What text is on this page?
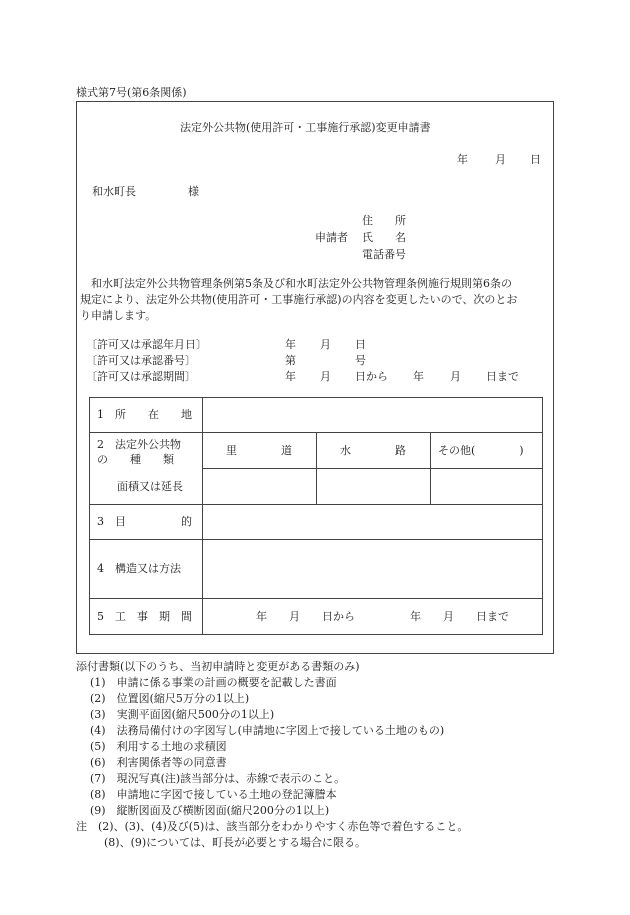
様式第7号(第6条関係)
法定外公共物(使用許可・工事施行承認)変更申請書
年 月 日
和水町長	様
住　　所
申請者 氏　　名
電話番号
　和水町法定外公共物管理条例第5条及び和水町法定外公共物管理条例施行規則第6条の
規定により、法定外公共物(使用許可・工事施行承認)の内容を変更したいので、次のとお
り申請します。
〔許可又は承認年月日〕	年 月 日
〔許可又は承認番号〕	第	号
〔許可又は承認期間〕	年 月 日から 年 月 日まで
1　所　　在　　地
2　法定外公共物
の　　種　　類
里　　　　道	水　　　　路	その他(　　　　)
面積又は延長
3　目　　　　　的
4　構造又は方法
5　工　事　期　間	年　　月　　日から　　　　　年　　月　　日まで
添付書類(以下のうち、当初申請時と変更がある書類のみ)
(1)　申請に係る事業の計画の概要を記載した書面
(2)　位置図(縮尺5万分の1以上)
(3)　実測平面図(縮尺500分の1以上)
(4)　法務局備付けの字図写し(申請地に字図上で接している土地のもの)
(5)　利用する土地の求積図
(6)　利害関係者等の同意書
(7)　現況写真(注)該当部分は、赤線で表示のこと。
(8)　申請地に字図で接している土地の登記簿謄本
(9)　縦断図面及び横断図面(縮尺200分の1以上)
注　(2)、(3)、(4)及び(5)は、該当部分をわかりやすく赤色等で着色すること。
(8)、(9)については、町長が必要とする場合に限る。
